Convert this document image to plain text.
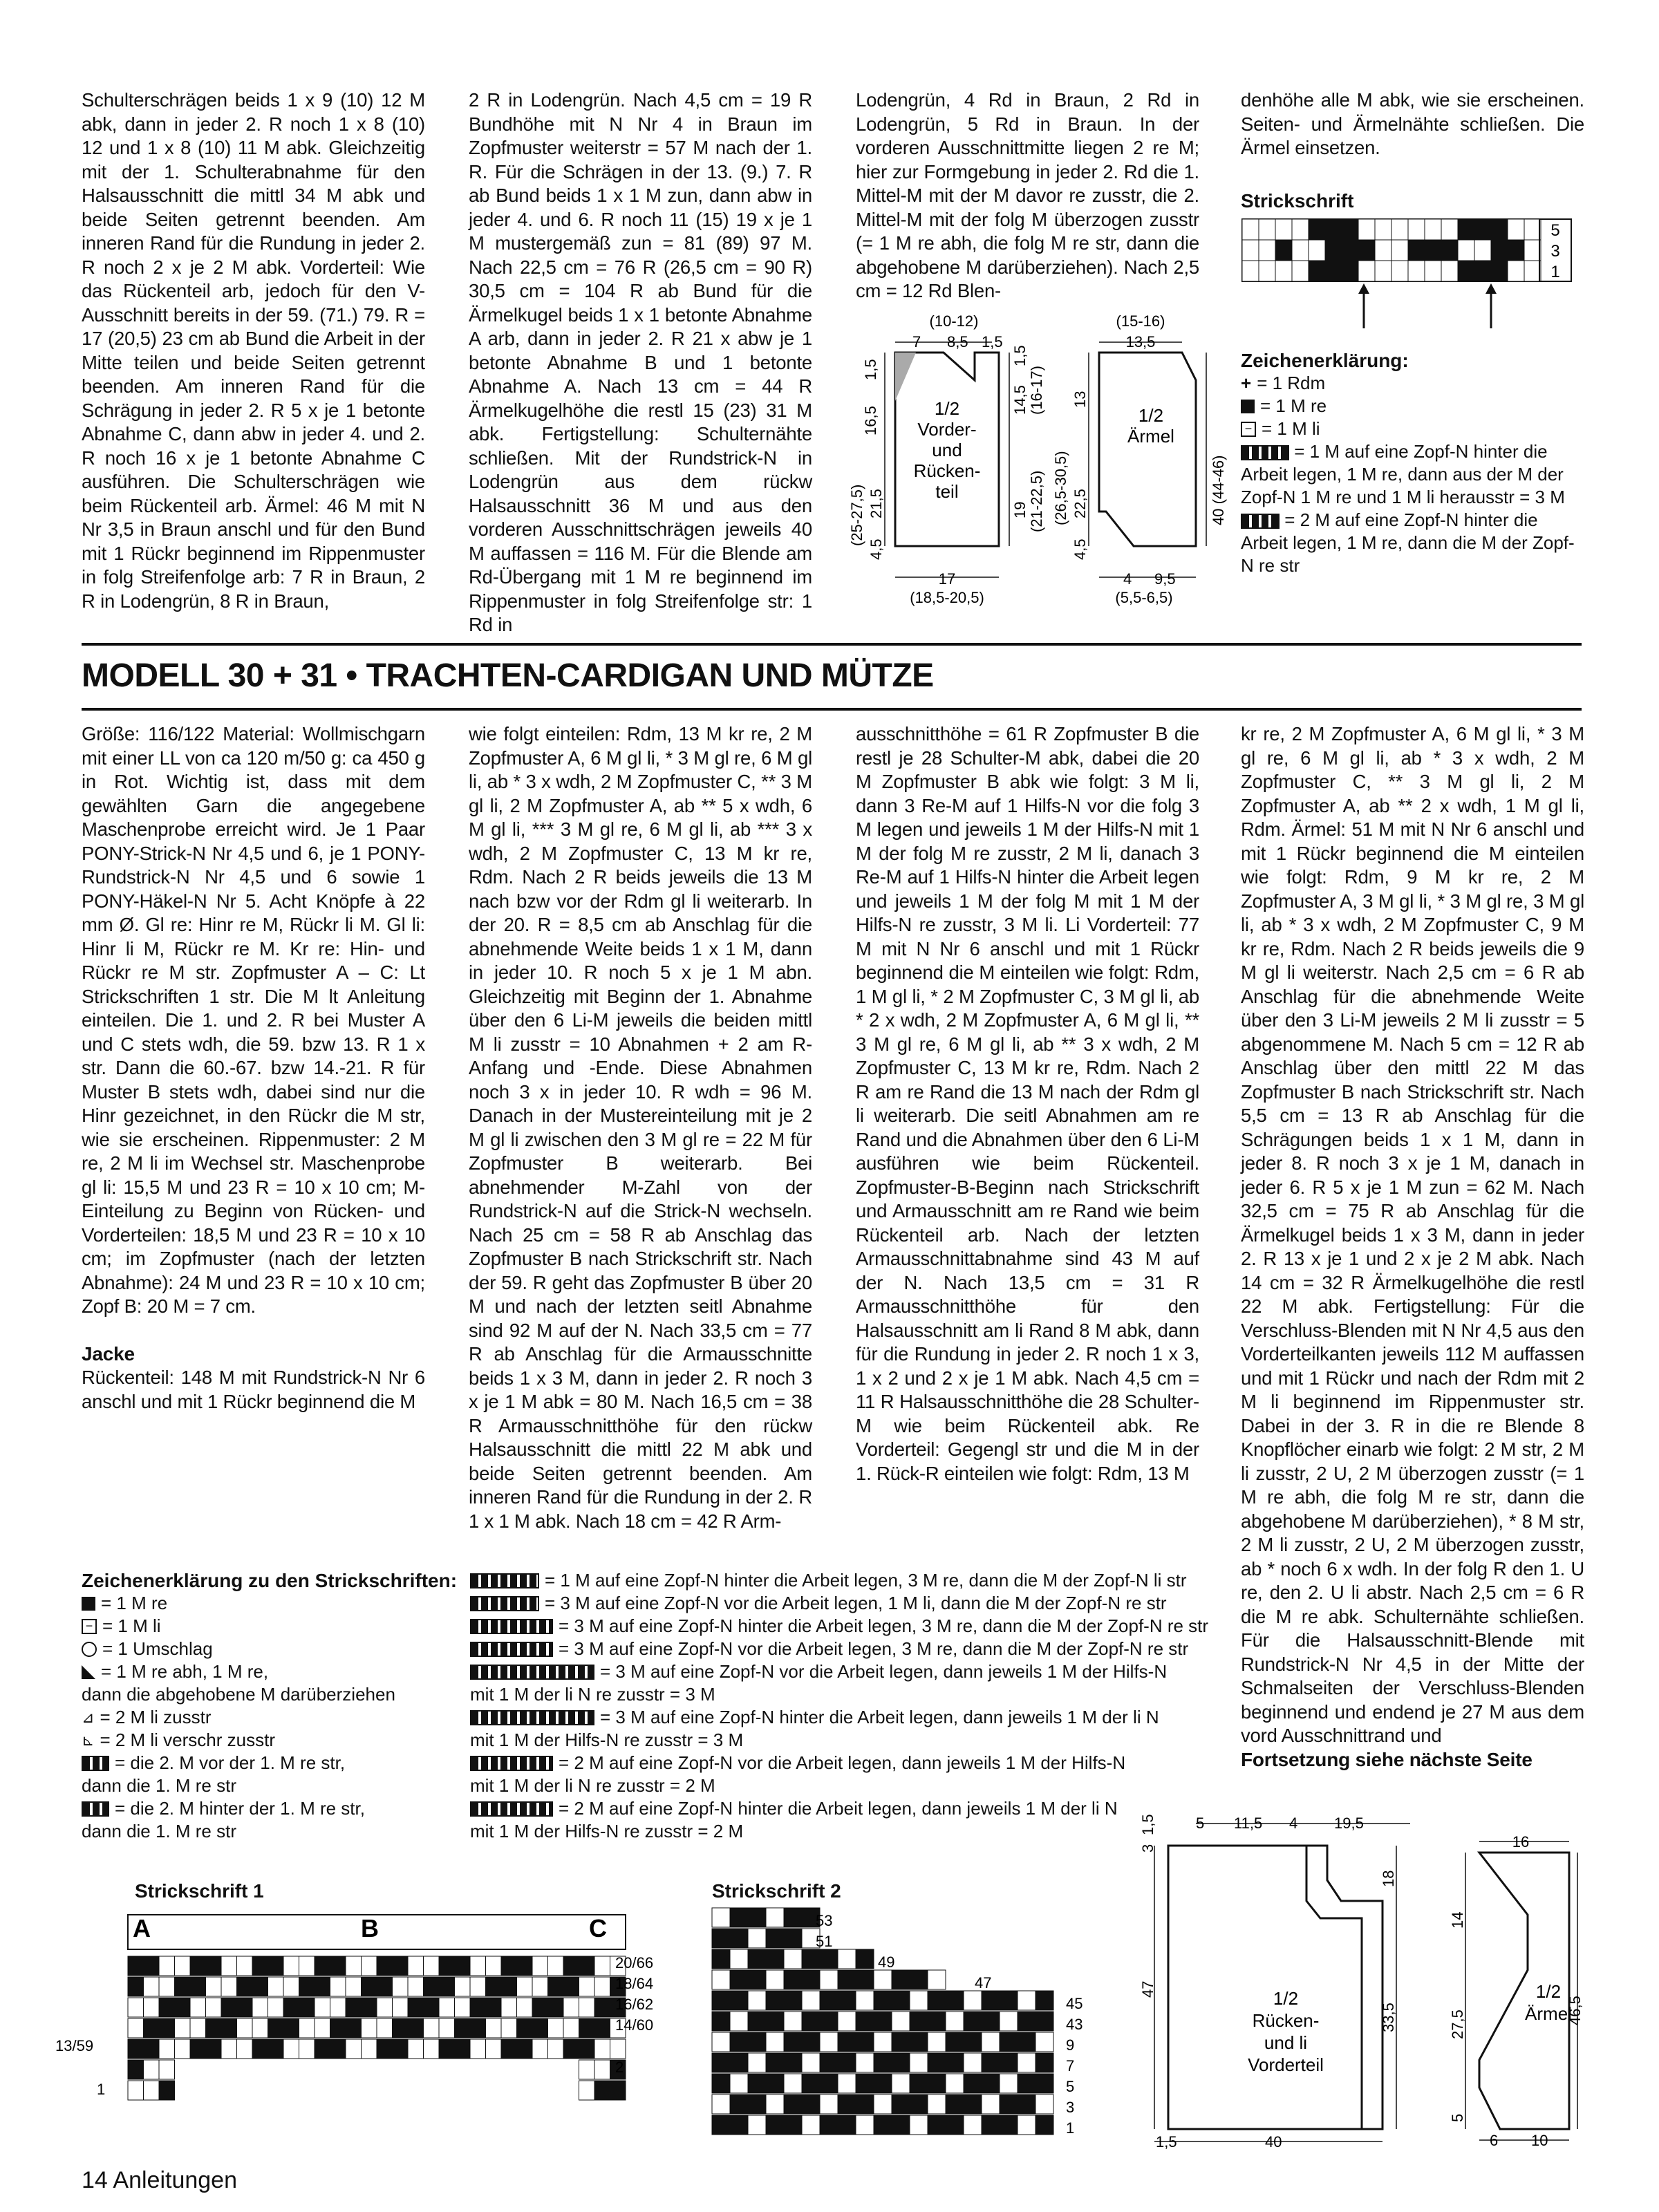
Schulterschrägen beids 1 x 9 (10) 12 M abk, dann in jeder 2. R noch 1 x 8 (10) 12 und 1 x 8 (10) 11 M abk. Gleichzeitig mit der 1. Schulterabnahme für den Halsausschnitt die mittl 34 M abk und beide Seiten getrennt beenden. Am inneren Rand für die Rundung in jeder 2. R noch 2 x je 2 M abk. Vorderteil: Wie das Rückenteil arb, jedoch für den V-Ausschnitt bereits in der 59. (71.) 79. R = 17 (20,5) 23 cm ab Bund die Arbeit in der Mitte teilen und beide Seiten getrennt beenden. Am inneren Rand für die Schrägung in jeder 2. R 5 x je 1 betonte Abnahme C, dann abw in jeder 4. und 2. R noch 16 x je 1 betonte Abnahme C ausführen. Die Schulterschrägen wie beim Rückenteil arb. Ärmel: 46 M mit N Nr 3,5 in Braun anschl und für den Bund mit 1 Rückr beginnend im Rippenmuster in folg Streifenfolge arb: 7 R in Braun, 2 R in Lodengrün, 8 R in Braun,
2 R in Lodengrün. Nach 4,5 cm = 19 R Bundhöhe mit N Nr 4 in Braun im Zopfmuster weiterstr = 57 M nach der 1. R. Für die Schrägen in der 13. (9.) 7. R ab Bund beids 1 x 1 M zun, dann abw in jeder 4. und 6. R noch 11 (15) 19 x je 1 M mustergemäß zun = 81 (89) 97 M. Nach 22,5 cm = 76 R (26,5 cm = 90 R) 30,5 cm = 104 R ab Bund für die Ärmelkugel beids 1 x 1 betonte Abnahme A arb, dann in jeder 2. R 21 x abw je 1 betonte Abnahme B und 1 betonte Abnahme A. Nach 13 cm = 44 R Ärmelkugelhöhe die restl 15 (23) 31 M abk. Fertigstellung: Schulternähte schließen. Mit der Rundstrick-N in Lodengrün aus dem rückw Halsausschnitt 36 M und aus den vorderen Ausschnittschrägen jeweils 40 M auffassen = 116 M. Für die Blende am Rd-Übergang mit 1 M re beginnend im Rippenmuster in folg Streifenfolge str: 1 Rd in
Lodengrün, 4 Rd in Braun, 2 Rd in Lodengrün, 5 Rd in Braun. In der vorderen Ausschnittmitte liegen 2 re M; hier zur Formgebung in jeder 2. Rd die 1. Mittel-M mit der M davor re zusstr, die 2. Mittel-M mit der folg M überzogen zusstr (= 1 M re abh, die folg M re str, dann die abgehobene M darüberziehen). Nach 2,5 cm = 12 Rd Blen-
denhöhe alle M abk, wie sie erscheinen. Seiten- und Ärmelnähte schließen. Die Ärmel einsetzen.
Strickschrift
5
3
1
Zeichenerklärung:
+ = 1 Rdm
= 1 M re
− = 1 M li
= 1 M auf eine Zopf-N hinter die Arbeit legen, 1 M re, dann aus der M der Zopf-N 1 M re und 1 M li herausstr = 3 M
= 2 M auf eine Zopf-N hinter die Arbeit legen, 1 M re, dann die M der Zopf-N re str
(10-12)
7 8,5 1,5
1/2
Vorder-
und
Rücken-
teil
1,5
16,5
(25-27,5) 21,5
4,5
14,5 (16-17)
1,5
19 (21-22,5)
17
(18,5-20,5)
(15-16)
13,5
1/2
Ärmel
13
(26,5-30,5) 22,5
4,5
40 (44-46)
4 9,5
(5,5-6,5)
MODELL 30 + 31 • TRACHTEN-CARDIGAN UND MÜTZE

Größe: 116/122 Material: Wollmischgarn mit einer LL von ca 120 m/50 g: ca 450 g in Rot. Wichtig ist, dass mit dem gewählten Garn die angegebene Maschenprobe erreicht wird. Je 1 Paar PONY-Strick-N Nr 4,5 und 6, je 1 PONY-Rundstrick-N Nr 4,5 und 6 sowie 1 PONY-Häkel-N Nr 5. Acht Knöpfe à 22 mm Ø. Gl re: Hinr re M, Rückr li M. Gl li: Hinr li M, Rückr re M. Kr re: Hin- und Rückr re M str. Zopfmuster A – C: Lt Strickschriften 1 str. Die M lt Anleitung einteilen. Die 1. und 2. R bei Muster A und C stets wdh, die 59. bzw 13. R 1 x str. Dann die 60.-67. bzw 14.-21. R für Muster B stets wdh, dabei sind nur die Hinr gezeichnet, in den Rückr die M str, wie sie erscheinen. Rippenmuster: 2 M re, 2 M li im Wechsel str. Maschenprobe gl li: 15,5 M und 23 R = 10 x 10 cm; M-Einteilung zu Beginn von Rücken- und Vorderteilen: 18,5 M und 23 R = 10 x 10 cm; im Zopfmuster (nach der letzten Abnahme): 24 M und 23 R = 10 x 10 cm; Zopf B: 20 M = 7 cm.

Jacke

Rückenteil: 148 M mit Rundstrick-N Nr 6 anschl und mit 1 Rückr beginnend die M

wie folgt einteilen: Rdm, 13 M kr re, 2 M Zopfmuster A, 6 M gl li, * 3 M gl re, 6 M gl li, ab * 3 x wdh, 2 M Zopfmuster C, ** 3 M gl li, 2 M Zopfmuster A, ab ** 5 x wdh, 6 M gl li, *** 3 M gl re, 6 M gl li, ab *** 3 x wdh, 2 M Zopfmuster C, 13 M kr re, Rdm. Nach 2 R beids jeweils die 13 M nach bzw vor der Rdm gl li weiterarb. In der 20. R = 8,5 cm ab Anschlag für die abnehmende Weite beids 1 x 1 M, dann in jeder 10. R noch 5 x je 1 M abn. Gleichzeitig mit Beginn der 1. Abnahme über den 6 Li-M jeweils die beiden mittl M li zusstr = 10 Abnahmen + 2 am R-Anfang und -Ende. Diese Abnahmen noch 3 x in jeder 10. R wdh = 96 M. Danach in der Mustereinteilung mit je 2 M gl li zwischen den 3 M gl re = 22 M für Zopfmuster B weiterarb. Bei abnehmender M-Zahl von der Rundstrick-N auf die Strick-N wechseln. Nach 25 cm = 58 R ab Anschlag das Zopfmuster B nach Strickschrift str. Nach der 59. R geht das Zopfmuster B über 20 M und nach der letzten seitl Abnahme sind 92 M auf der N. Nach 33,5 cm = 77 R ab Anschlag für die Armausschnitte beids 1 x 3 M, dann in jeder 2. R noch 3 x je 1 M abk = 80 M. Nach 16,5 cm = 38 R Armausschnitthöhe für den rückw Halsausschnitt die mittl 22 M abk und beide Seiten getrennt beenden. Am inneren Rand für die Rundung in der 2. R 1 x 1 M abk. Nach 18 cm = 42 R Arm-
ausschnitthöhe = 61 R Zopfmuster B die restl je 28 Schulter-M abk, dabei die 20 M Zopfmuster B abk wie folgt: 3 M li, dann 3 Re-M auf 1 Hilfs-N vor die folg 3 M legen und jeweils 1 M der Hilfs-N mit 1 M der folg M re zusstr, 2 M li, danach 3 Re-M auf 1 Hilfs-N hinter die Arbeit legen und jeweils 1 M der folg M mit 1 M der Hilfs-N re zusstr, 3 M li. Li Vorderteil: 77 M mit N Nr 6 anschl und mit 1 Rückr beginnend die M einteilen wie folgt: Rdm, 1 M gl li, * 2 M Zopfmuster C, 3 M gl li, ab * 2 x wdh, 2 M Zopfmuster A, 6 M gl li, ** 3 M gl re, 6 M gl li, ab ** 3 x wdh, 2 M Zopfmuster C, 13 M kr re, Rdm. Nach 2 R am re Rand die 13 M nach der Rdm gl li weiterarb. Die seitl Abnahmen am re Rand und die Abnahmen über den 6 Li-M ausführen wie beim Rückenteil. Zopfmuster-B-Beginn nach Strickschrift und Armausschnitt am re Rand wie beim Rückenteil arb. Nach der letzten Armausschnittabnahme sind 43 M auf der N. Nach 13,5 cm = 31 R Armausschnitthöhe für den Halsausschnitt am li Rand 8 M abk, dann für die Rundung in jeder 2. R noch 1 x 3, 1 x 2 und 2 x je 1 M abk. Nach 4,5 cm = 11 R Halsausschnitthöhe die 28 Schulter-M wie beim Rückenteil abk. Re Vorderteil: Gegengl str und die M in der 1. Rück-R einteilen wie folgt: Rdm, 13 M

kr re, 2 M Zopfmuster A, 6 M gl li, * 3 M gl re, 6 M gl li, ab * 3 x wdh, 2 M Zopfmuster C, ** 3 M gl li, 2 M Zopfmuster A, ab ** 2 x wdh, 1 M gl li, Rdm. Ärmel: 51 M mit N Nr 6 anschl und mit 1 Rückr beginnend die M einteilen wie folgt: Rdm, 9 M kr re, 2 M Zopfmuster A, 3 M gl li, * 3 M gl re, 3 M gl li, ab * 3 x wdh, 2 M Zopfmuster C, 9 M kr re, Rdm. Nach 2 R beids jeweils die 9 M gl li weiterstr. Nach 2,5 cm = 6 R ab Anschlag für die abnehmende Weite über den 3 Li-M jeweils 2 M li zusstr = 5 abgenommene M. Nach 5 cm = 12 R ab Anschlag über den mittl 22 M das Zopfmuster B nach Strickschrift str. Nach 5,5 cm = 13 R ab Anschlag für die Schrägungen beids 1 x 1 M, dann in jeder 8. R noch 3 x je 1 M, danach in jeder 6. R 5 x je 1 M zun = 62 M. Nach 32,5 cm = 75 R ab Anschlag für die Ärmelkugel beids 1 x 3 M, dann in jeder 2. R 13 x je 1 und 2 x je 2 M abk. Nach 14 cm = 32 R Ärmelkugelhöhe die restl 22 M abk. Fertigstellung: Für die Verschluss-Blenden mit N Nr 4,5 aus den Vorderteilkanten jeweils 112 M auffassen und mit 1 Rückr und nach der Rdm mit 2 M li beginnend im Rippenmuster str. Dabei in der 3. R in die re Blende 8 Knopflöcher einarb wie folgt: 2 M str, 2 M li zusstr, 2 U, 2 M überzogen zusstr (= 1 M re abh, die folg M re str, dann die abgehobene M darüberziehen), * 8 M str, 2 M li zusstr, 2 U, 2 M überzogen zusstr, ab * noch 6 x wdh. In der folg R den 1. U re, den 2. U li abstr. Nach 2,5 cm = 6 R die M re abk. Schulternähte schließen. Für die Halsausschnitt-Blende mit Rundstrick-N Nr 4,5 in der Mitte der Schmalseiten der Verschluss-Blenden beginnend und endend je 27 M aus dem vord Ausschnittrand und

Fortsetzung siehe nächste Seite

Zeichenerklärung zu den Strickschriften:
= 1 M re
− = 1 M li
= 1 Umschlag
= 1 M re abh, 1 M re,
dann die abgehobene M darüberziehen
⊿ = 2 M li zusstr
⊾ = 2 M li verschr zusstr
= die 2. M vor der 1. M re str,
dann die 1. M re str
= die 2. M hinter der 1. M re str,
dann die 1. M re str
= 1 M auf eine Zopf-N hinter die Arbeit legen, 3 M re, dann die M der Zopf-N li str
= 3 M auf eine Zopf-N vor die Arbeit legen, 1 M li, dann die M der Zopf-N re str
= 3 M auf eine Zopf-N hinter die Arbeit legen, 3 M re, dann die M der Zopf-N re str
= 3 M auf eine Zopf-N vor die Arbeit legen, 3 M re, dann die M der Zopf-N re str
= 3 M auf eine Zopf-N vor die Arbeit legen, dann jeweils 1 M der Hilfs-N
mit 1 M der li N re zusstr = 3 M
= 3 M auf eine Zopf-N hinter die Arbeit legen, dann jeweils 1 M der li N
mit 1 M der Hilfs-N re zusstr = 3 M
= 2 M auf eine Zopf-N vor die Arbeit legen, dann jeweils 1 M der Hilfs-N
mit 1 M der li N re zusstr = 2 M
= 2 M auf eine Zopf-N hinter die Arbeit legen, dann jeweils 1 M der li N
mit 1 M der Hilfs-N re zusstr = 2 M
Strickschrift 1
A	B	C
20/66
18/64
16/62
14/60
2
13/59
1
Strickschrift 2
53
51
49
47
45
43
9
7
5
3
1
5 11,5 4 19,5
1/2
Rücken-
und li
Vorderteil
3
1,5
47
18
33,5
1,5	40
16
1/2
Ärmel
14
27,5
5
46,5
6 10
14 Anleitungen
